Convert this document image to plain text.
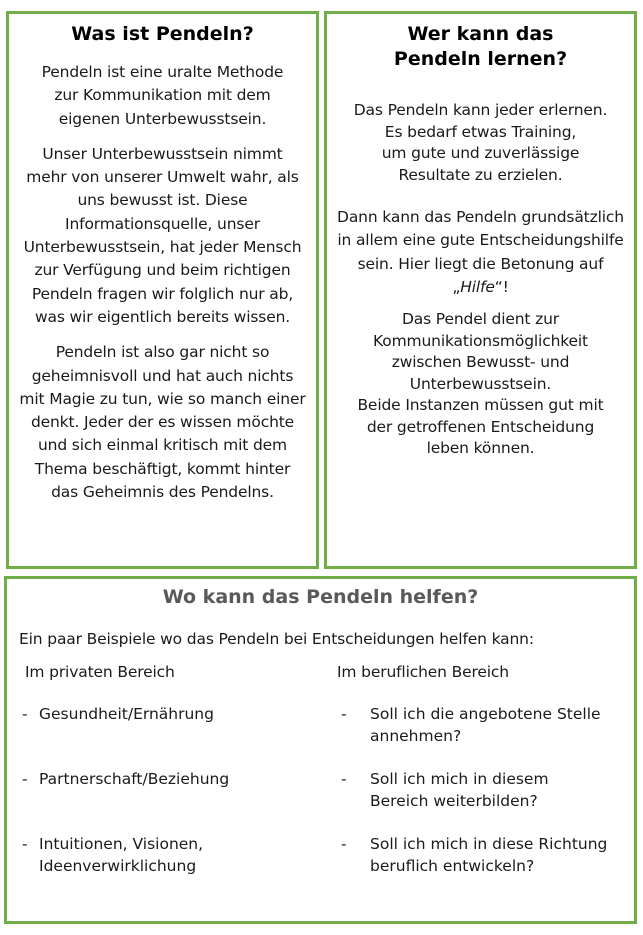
Was ist Pendeln?

Pendeln ist eine uralte Methode zur Kommunikation mit dem eigenen Unterbewusstsein.

Unser Unterbewusstsein nimmt mehr von unserer Umwelt wahr, als uns bewusst ist. Diese Informationsquelle, unser Unterbewusstsein, hat jeder Mensch zur Verfügung und beim richtigen Pendeln fragen wir folglich nur ab, was wir eigentlich bereits wissen.

Pendeln ist also gar nicht so geheimnisvoll und hat auch nichts mit Magie zu tun, wie so manch einer denkt. Jeder der es wissen möchte und sich einmal kritisch mit dem Thema beschäftigt, kommt hinter das Geheimnis des Pendelns.

Wer kann das Pendeln lernen?

Das Pendeln kann jeder erlernen.
Es bedarf etwas Training,
um gute und zuverlässige
Resultate zu erzielen.

Dann kann das Pendeln grundsätzlich in allem eine gute Entscheidungshilfe sein. Hier liegt die Betonung auf „Hilfe“!

Das Pendel dient zur
Kommunikationsmöglichkeit
zwischen Bewusst- und
Unterbewusstsein.
Beide Instanzen müssen gut mit
der getroffenen Entscheidung
leben können.

Wo kann das Pendeln helfen?

Ein paar Beispiele wo das Pendeln bei Entscheidungen helfen kann:

Im privaten Bereich	Im beruflichen Bereich

- Gesundheit/Ernährung
- Partnerschaft/Beziehung
- Intuitionen, Visionen, Ideenverwirklichung
-	Soll ich die angebotene Stelle annehmen?
-	Soll ich mich in diesem Bereich weiterbilden?
-	Soll ich mich in diese Richtung beruflich entwickeln?
